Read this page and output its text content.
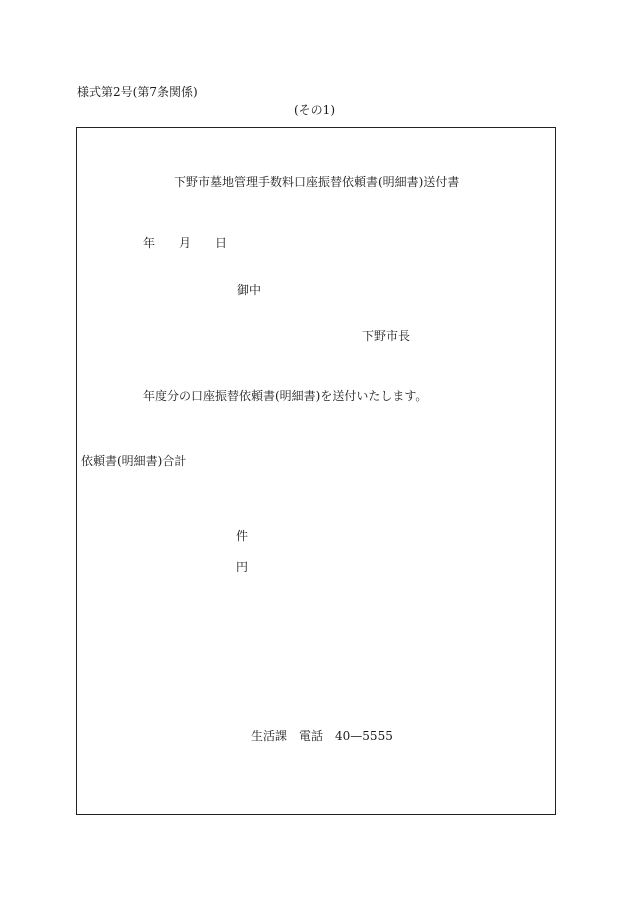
様式第2号(第7条関係)
(その1)
下野市墓地管理手数料口座振替依頼書(明細書)送付書
年 月 日
御中
下野市長
年度分の口座振替依頼書(明細書)を送付いたします。
依頼書(明細書)合計
件
円
生活課 電話 40—5555
